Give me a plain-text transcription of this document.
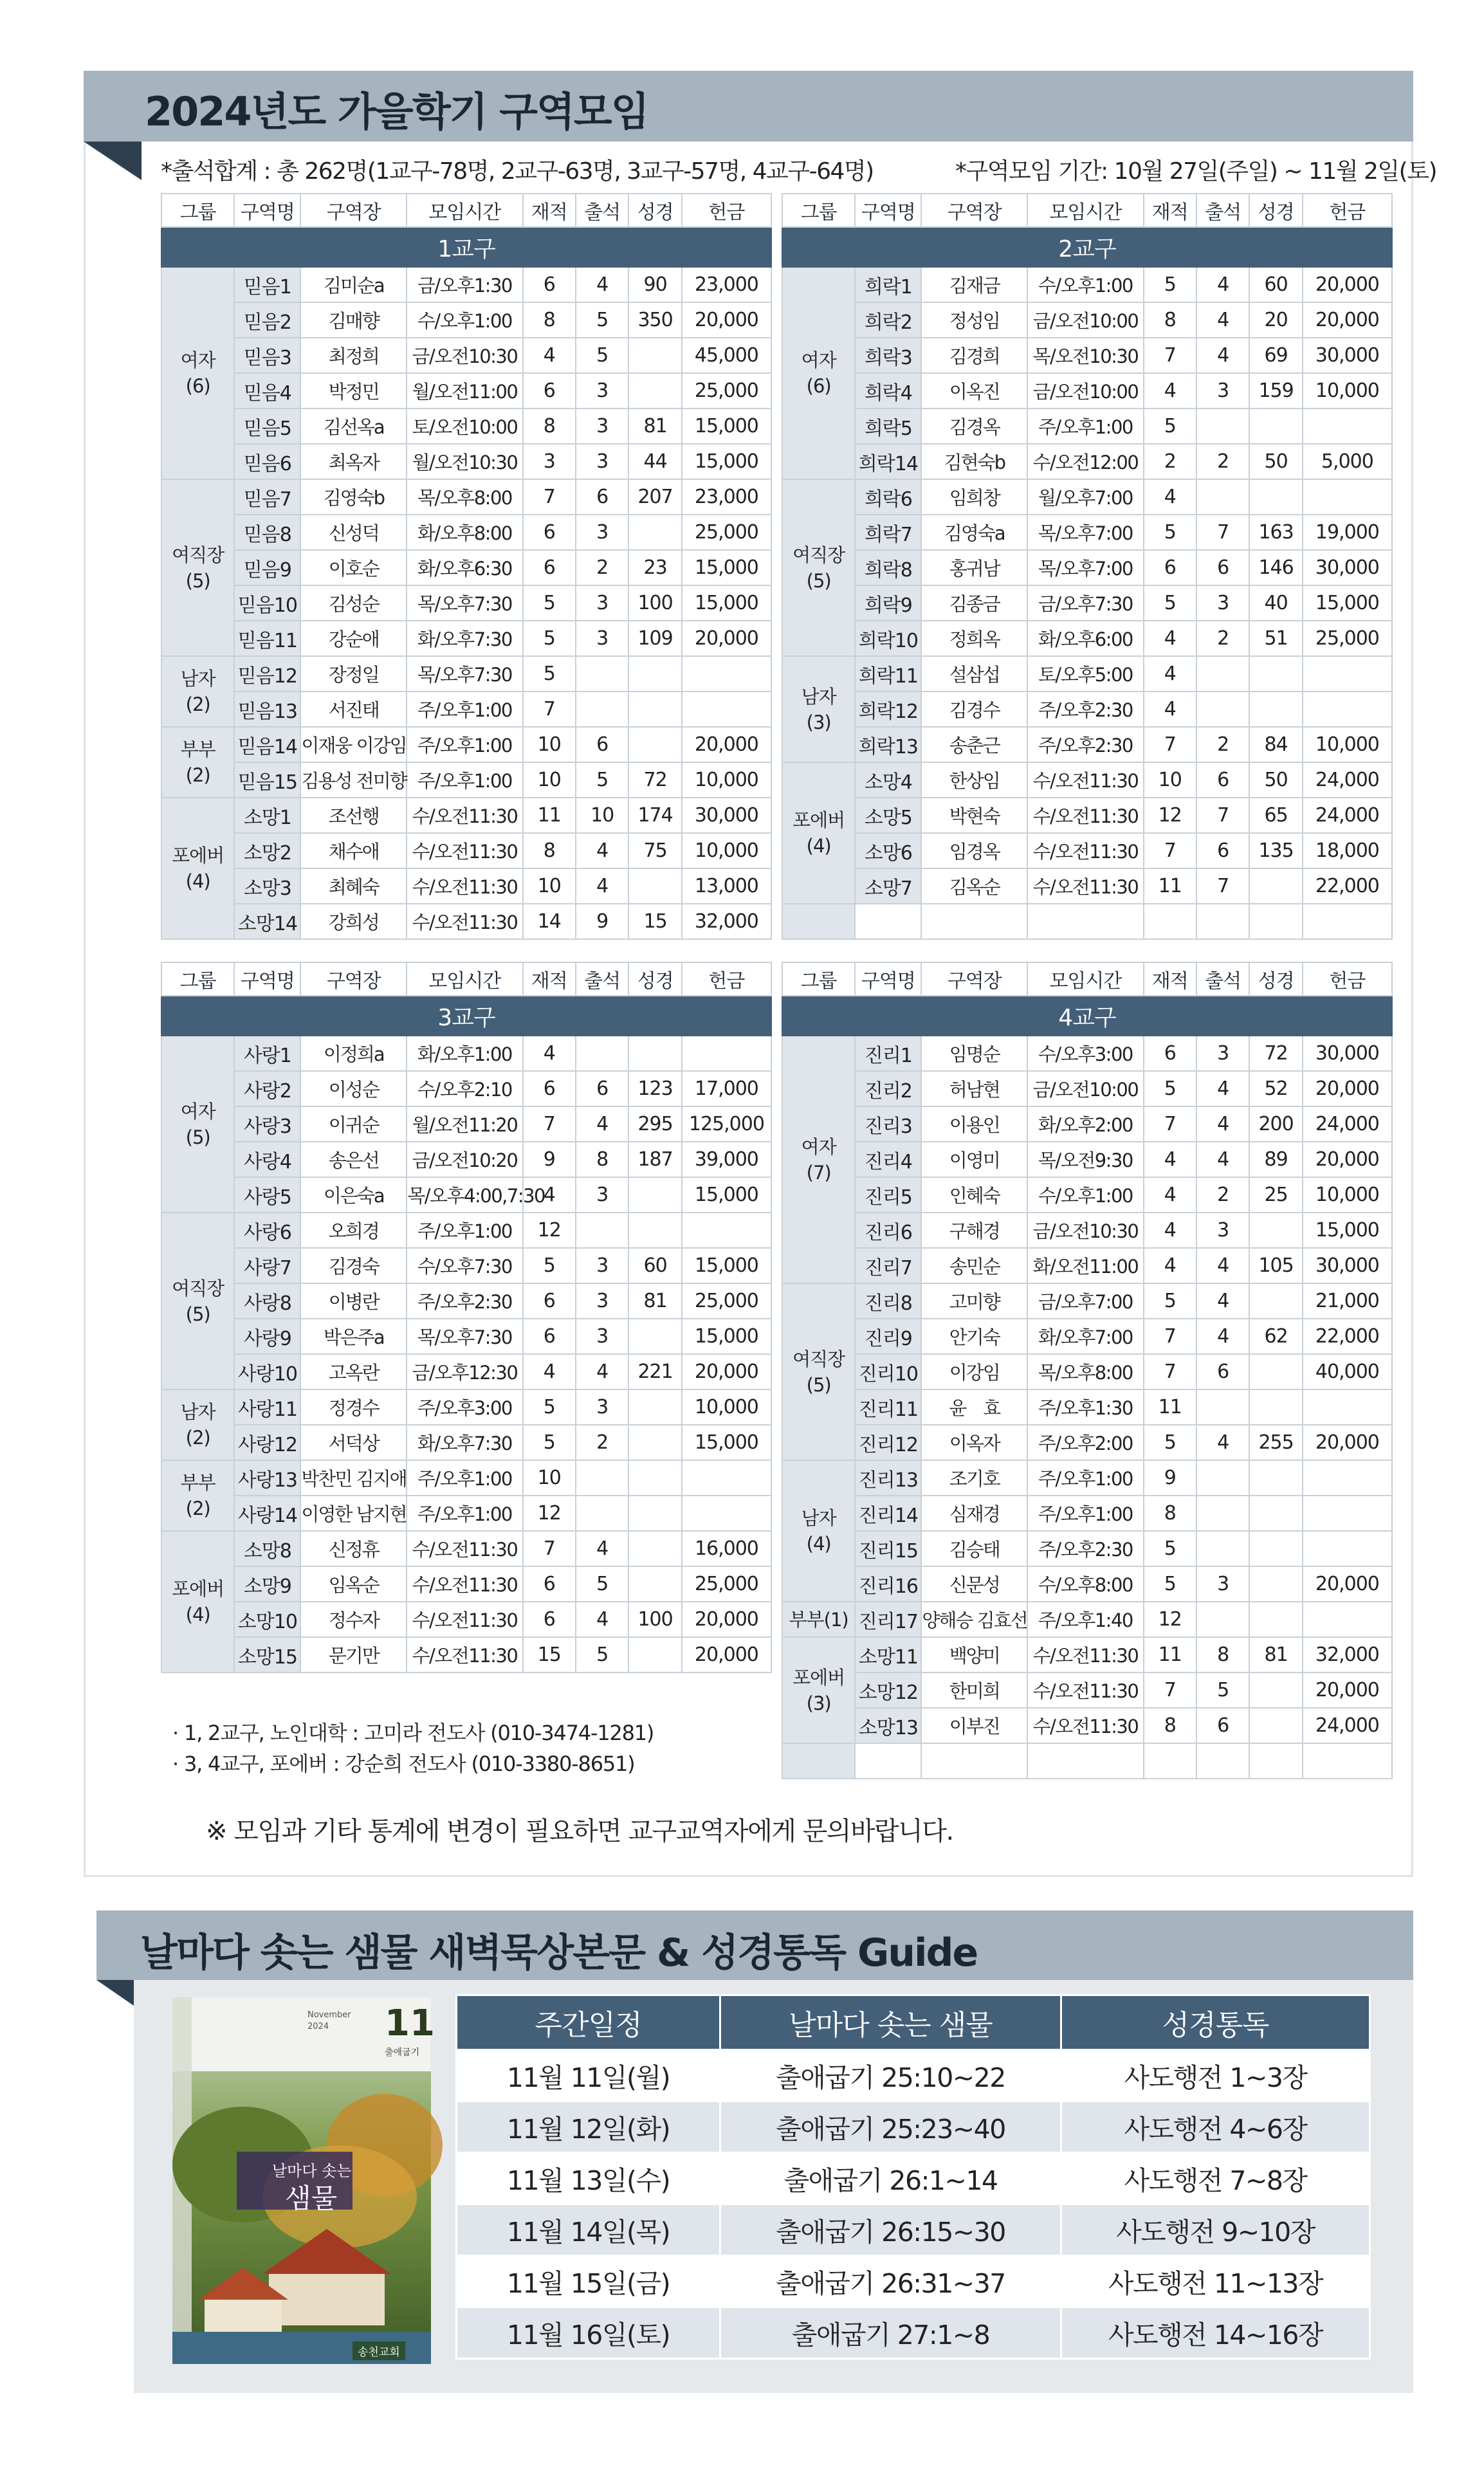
2024년도 가을학기 구역모임
*출석합계 : 총 262명(1교구-78명, 2교구-63명, 3교구-57명, 4교구-64명)	*구역모임 기간: 10월 27일(주일) ~ 11월 2일(토)
그룹	구역명	구역장	모임시간	재적	출석	성경	헌금
1교구							
여자
(6)	믿음1	김미순a	금/오후1:30	6	4	90	23,000
	믿음2	김매향	수/오후1:00	8	5	350	20,000
	믿음3	최정희	금/오전10:30	4	5		45,000
	믿음4	박정민	월/오전11:00	6	3		25,000
	믿음5	김선옥a	토/오전10:00	8	3	81	15,000
	믿음6	최옥자	월/오전10:30	3	3	44	15,000
여직장
(5)	믿음7	김영숙b	목/오후8:00	7	6	207	23,000
	믿음8	신성덕	화/오후8:00	6	3		25,000
	믿음9	이호순	화/오후6:30	6	2	23	15,000
	믿음10	김성순	목/오후7:30	5	3	100	15,000
	믿음11	강순애	화/오후7:30	5	3	109	20,000
남자
(2)	믿음12	장정일	목/오후7:30	5			
	믿음13	서진태	주/오후1:00	7			
부부
(2)	믿음14	이재웅 이강임	주/오후1:00	10	6		20,000
	믿음15	김용성 전미향	주/오후1:00	10	5	72	10,000
포에버
(4)	소망1	조선행	수/오전11:30	11	10	174	30,000
	소망2	채수애	수/오전11:30	8	4	75	10,000
	소망3	최혜숙	수/오전11:30	10	4		13,000
	소망14	강희성	수/오전11:30	14	9	15	32,000
그룹	구역명	구역장	모임시간	재적	출석	성경	헌금
2교구							
여자
(6)	희락1	김재금	수/오후1:00	5	4	60	20,000
	희락2	정성임	금/오전10:00	8	4	20	20,000
	희락3	김경희	목/오전10:30	7	4	69	30,000
	희락4	이옥진	금/오전10:00	4	3	159	10,000
	희락5	김경옥	주/오후1:00	5			
	희락14	김현숙b	수/오전12:00	2	2	50	5,000
여직장
(5)	희락6	임희창	월/오후7:00	4			
	희락7	김영숙a	목/오후7:00	5	7	163	19,000
	희락8	홍귀남	목/오후7:00	6	6	146	30,000
	희락9	김종금	금/오후7:30	5	3	40	15,000
	희락10	정희옥	화/오후6:00	4	2	51	25,000
남자
(3)	희락11	설삼섭	토/오후5:00	4			
	희락12	김경수	주/오후2:30	4			
	희락13	송춘근	주/오후2:30	7	2	84	10,000
포에버
(4)	소망4	한상임	수/오전11:30	10	6	50	24,000
	소망5	박현숙	수/오전11:30	12	7	65	24,000
	소망6	임경옥	수/오전11:30	7	6	135	18,000
	소망7	김옥순	수/오전11:30	11	7		22,000

그룹	구역명	구역장	모임시간	재적	출석	성경	헌금
3교구							
여자
(5)	사랑1	이정희a	화/오후1:00	4			
	사랑2	이성순	수/오후2:10	6	6	123	17,000
	사랑3	이귀순	월/오전11:20	7	4	295	125,000
	사랑4	송은선	금/오전10:20	9	8	187	39,000
	사랑5	이은숙a	목/오후4:00,7:30	4	3		15,000
여직장
(5)	사랑6	오희경	주/오후1:00	12			
	사랑7	김경숙	수/오후7:30	5	3	60	15,000
	사랑8	이병란	주/오후2:30	6	3	81	25,000
	사랑9	박은주a	목/오후7:30	6	3		15,000
	사랑10	고옥란	금/오후12:30	4	4	221	20,000
남자
(2)	사랑11	정경수	주/오후3:00	5	3		10,000
	사랑12	서덕상	화/오후7:30	5	2		15,000
부부
(2)	사랑13	박찬민 김지애	주/오후1:00	10			
	사랑14	이영한 남지현	주/오후1:00	12			
포에버
(4)	소망8	신정휴	수/오전11:30	7	4		16,000
	소망9	임옥순	수/오전11:30	6	5		25,000
	소망10	정수자	수/오전11:30	6	4	100	20,000
	소망15	문기만	수/오전11:30	15	5		20,000
그룹	구역명	구역장	모임시간	재적	출석	성경	헌금
4교구							
여자
(7)	진리1	임명순	수/오후3:00	6	3	72	30,000
	진리2	허남현	금/오전10:00	5	4	52	20,000
	진리3	이용인	화/오후2:00	7	4	200	24,000
	진리4	이영미	목/오전9:30	4	4	89	20,000
	진리5	인혜숙	수/오후1:00	4	2	25	10,000
	진리6	구해경	금/오전10:30	4	3		15,000
	진리7	송민순	화/오전11:00	4	4	105	30,000
여직장
(5)	진리8	고미향	금/오후7:00	5	4		21,000
	진리9	안기숙	화/오후7:00	7	4	62	22,000
	진리10	이강임	목/오후8:00	7	6		40,000
	진리11	윤　효	주/오후1:30	11			
	진리12	이옥자	주/오후2:00	5	4	255	20,000
남자
(4)	진리13	조기호	주/오후1:00	9			
	진리14	심재경	주/오후1:00	8			
	진리15	김승태	주/오후2:30	5			
	진리16	신문성	수/오후8:00	5	3		20,000
부부(1)	진리17	양해승 김효선	주/오후1:40	12			
포에버
(3)	소망11	백양미	수/오전11:30	11	8	81	32,000
	소망12	한미희	수/오전11:30	7	5		20,000
	소망13	이부진	수/오전11:30	8	6		24,000

· 1, 2교구, 노인대학 : 고미라 전도사 (010-3474-1281)
· 3, 4교구, 포에버 : 강순희 전도사 (010-3380-8651)
※ 모임과 기타 통계에 변경이 필요하면 교구교역자에게 문의바랍니다.
날마다 솟는 샘물 새벽묵상본문 & 성경통독 Guide
November
2024 11
출애굽기
날마다 솟는
샘물
송천교회
주간일정	날마다 솟는 샘물	성경통독
11월 11일(월)	출애굽기 25:10~22	사도행전 1~3장
11월 12일(화)	출애굽기 25:23~40	사도행전 4~6장
11월 13일(수)	출애굽기 26:1~14	사도행전 7~8장
11월 14일(목)	출애굽기 26:15~30	사도행전 9~10장
11월 15일(금)	출애굽기 26:31~37	사도행전 11~13장
11월 16일(토)	출애굽기 27:1~8	사도행전 14~16장
